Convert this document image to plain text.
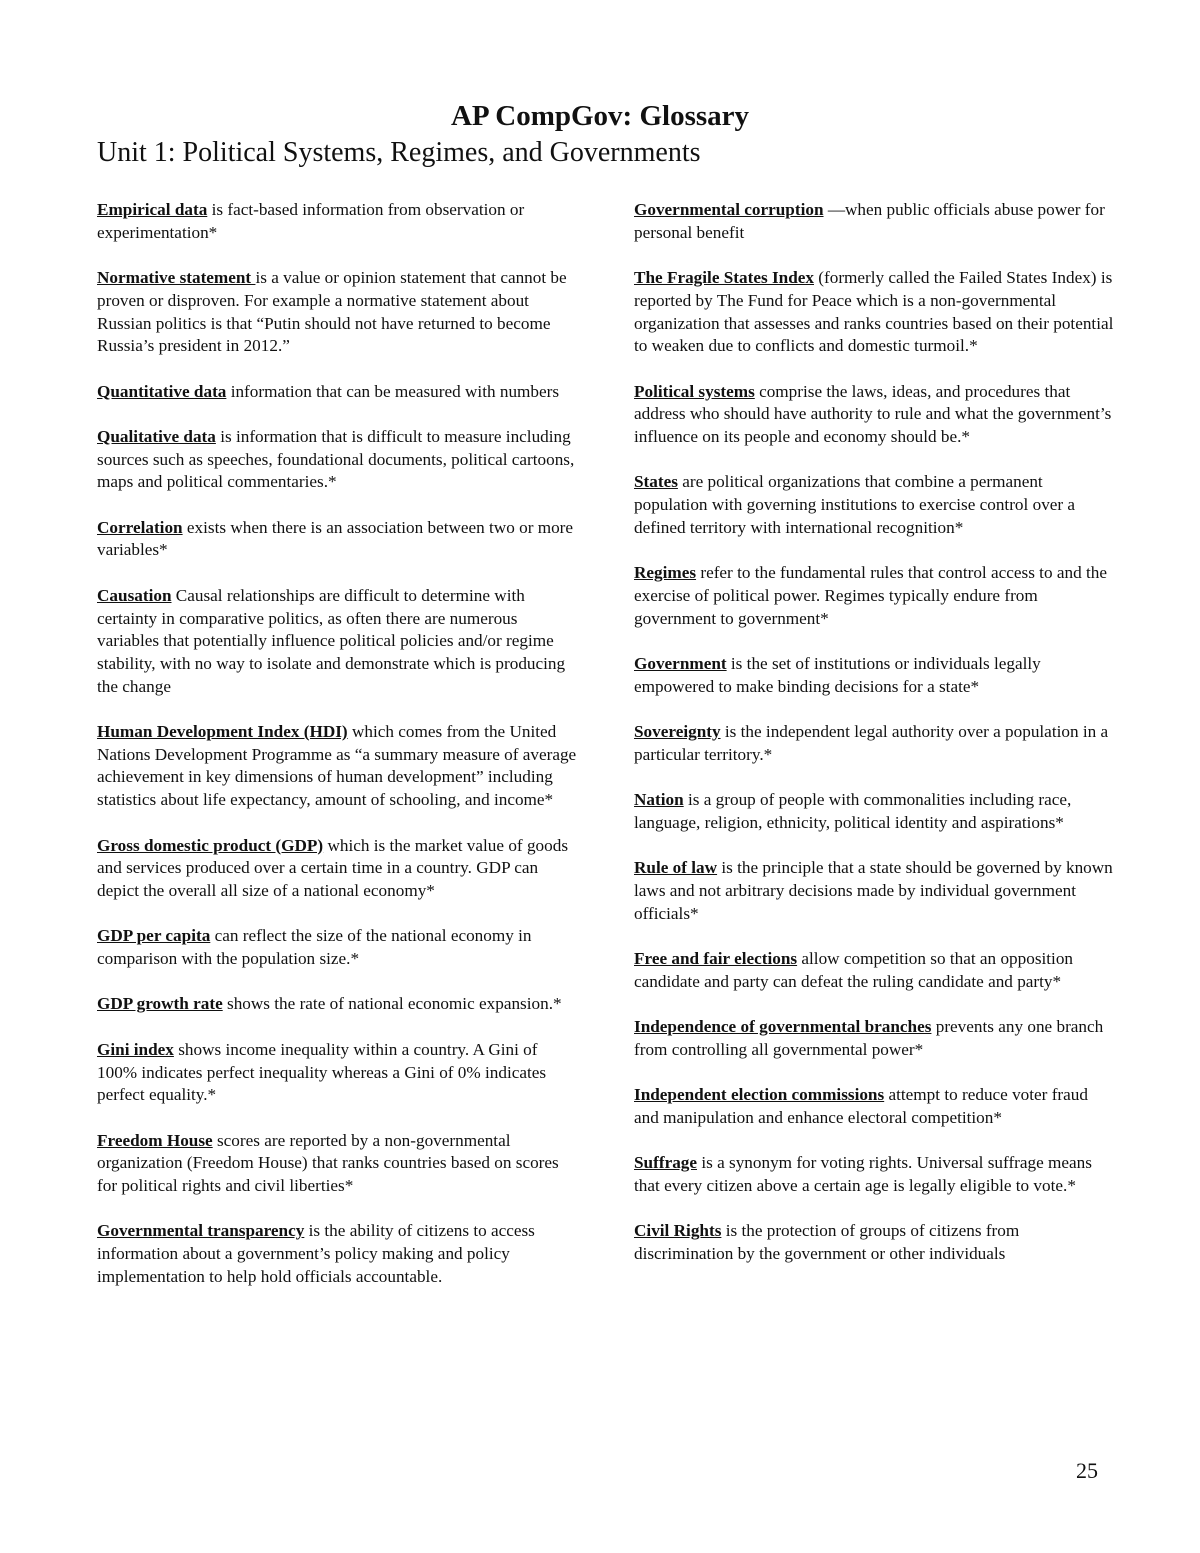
AP CompGov: Glossary
Unit 1: Political Systems, Regimes, and Governments

Empirical data is fact-based information from observation or experimentation*

Normative statement is a value or opinion statement that cannot be proven or disproven. For example a normative statement about Russian politics is that “Putin should not have returned to become Russia’s president in 2012.”

Quantitative data information that can be measured with numbers

Qualitative data is information that is difficult to measure including sources such as speeches, foundational documents, political cartoons, maps and political commentaries.*

Correlation exists when there is an association between two or more variables*

Causation Causal relationships are difficult to determine with certainty in comparative politics, as often there are numerous variables that potentially influence political policies and/or regime stability, with no way to isolate and demonstrate which is producing the change

Human Development Index (HDI) which comes from the United Nations Development Programme as “a summary measure of average achievement in key dimensions of human development” including statistics about life expectancy, amount of schooling, and income*

Gross domestic product (GDP) which is the market value of goods and services produced over a certain time in a country. GDP can depict the overall all size of a national economy*

GDP per capita can reflect the size of the national economy in comparison with the population size.*

GDP growth rate shows the rate of national economic expansion.*

Gini index shows income inequality within a country. A Gini of 100% indicates perfect inequality whereas a Gini of 0% indicates perfect equality.*

Freedom House scores are reported by a non-governmental organization (Freedom House) that ranks countries based on scores for political rights and civil liberties*

Governmental transparency is the ability of citizens to access information about a government’s policy making and policy implementation to help hold officials accountable.

Governmental corruption —when public officials abuse power for personal benefit

The Fragile States Index (formerly called the Failed States Index) is reported by The Fund for Peace which is a non-governmental organization that assesses and ranks countries based on their potential to weaken due to conflicts and domestic turmoil.*

Political systems comprise the laws, ideas, and procedures that address who should have authority to rule and what the government’s influence on its people and economy should be.*

States are political organizations that combine a permanent population with governing institutions to exercise control over a defined territory with international recognition*

Regimes refer to the fundamental rules that control access to and the exercise of political power. Regimes typically endure from government to government*

Government is the set of institutions or individuals legally empowered to make binding decisions for a state*

Sovereignty is the independent legal authority over a population in a particular territory.*

Nation is a group of people with commonalities including race, language, religion, ethnicity, political identity and aspirations*

Rule of law is the principle that a state should be governed by known laws and not arbitrary decisions made by individual government officials*

Free and fair elections allow competition so that an opposition candidate and party can defeat the ruling candidate and party*

Independence of governmental branches prevents any one branch from controlling all governmental power*

Independent election commissions attempt to reduce voter fraud and manipulation and enhance electoral competition*

Suffrage is a synonym for voting rights. Universal suffrage means that every citizen above a certain age is legally eligible to vote.*

Civil Rights is the protection of groups of citizens from discrimination by the government or other individuals

25
